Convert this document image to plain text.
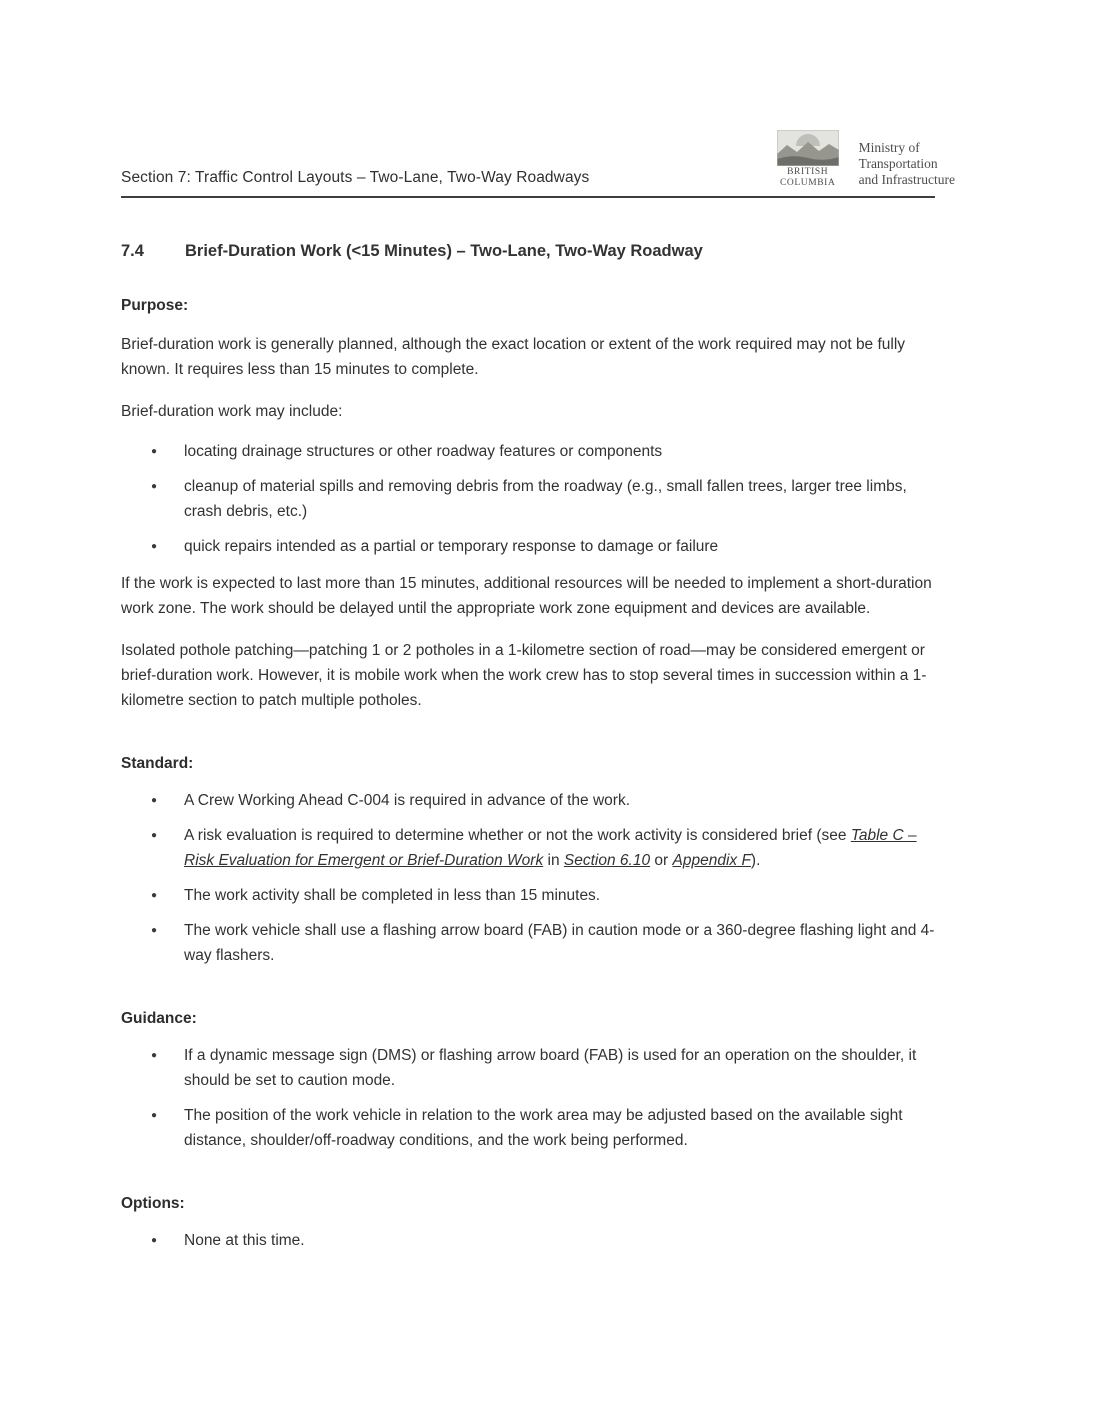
Section 7: Traffic Control Layouts – Two-Lane, Two-Way Roadways	BRITISH
COLUMBIA
Ministry of
Transportation
and Infrastructure
7.4	Brief-Duration Work (<15 Minutes) – Two-Lane, Two-Way Roadway
Purpose:

Brief-duration work is generally planned, although the exact location or extent of the work required may not be fully known. It requires less than 15 minutes to complete.

Brief-duration work may include:

●	locating drainage structures or other roadway features or components
●	cleanup of material spills and removing debris from the roadway (e.g., small fallen trees, larger tree limbs, crash debris, etc.)
●	quick repairs intended as a partial or temporary response to damage or failure

If the work is expected to last more than 15 minutes, additional resources will be needed to implement a short-duration work zone. The work should be delayed until the appropriate work zone equipment and devices are available.

Isolated pothole patching—patching 1 or 2 potholes in a 1-kilometre section of road—may be considered emergent or brief-duration work. However, it is mobile work when the work crew has to stop several times in succession within a 1-kilometre section to patch multiple potholes.

Standard:
●	A Crew Working Ahead C-004 is required in advance of the work.
●	A risk evaluation is required to determine whether or not the work activity is considered brief (see Table C – Risk Evaluation for Emergent or Brief-Duration Work in Section 6.10 or Appendix F).
●	The work activity shall be completed in less than 15 minutes.
●	The work vehicle shall use a flashing arrow board (FAB) in caution mode or a 360-degree flashing light and 4-way flashers.
Guidance:
●	If a dynamic message sign (DMS) or flashing arrow board (FAB) is used for an operation on the shoulder, it should be set to caution mode.
●	The position of the work vehicle in relation to the work area may be adjusted based on the available sight distance, shoulder/off-roadway conditions, and the work being performed.
Options:
●	None at this time.
